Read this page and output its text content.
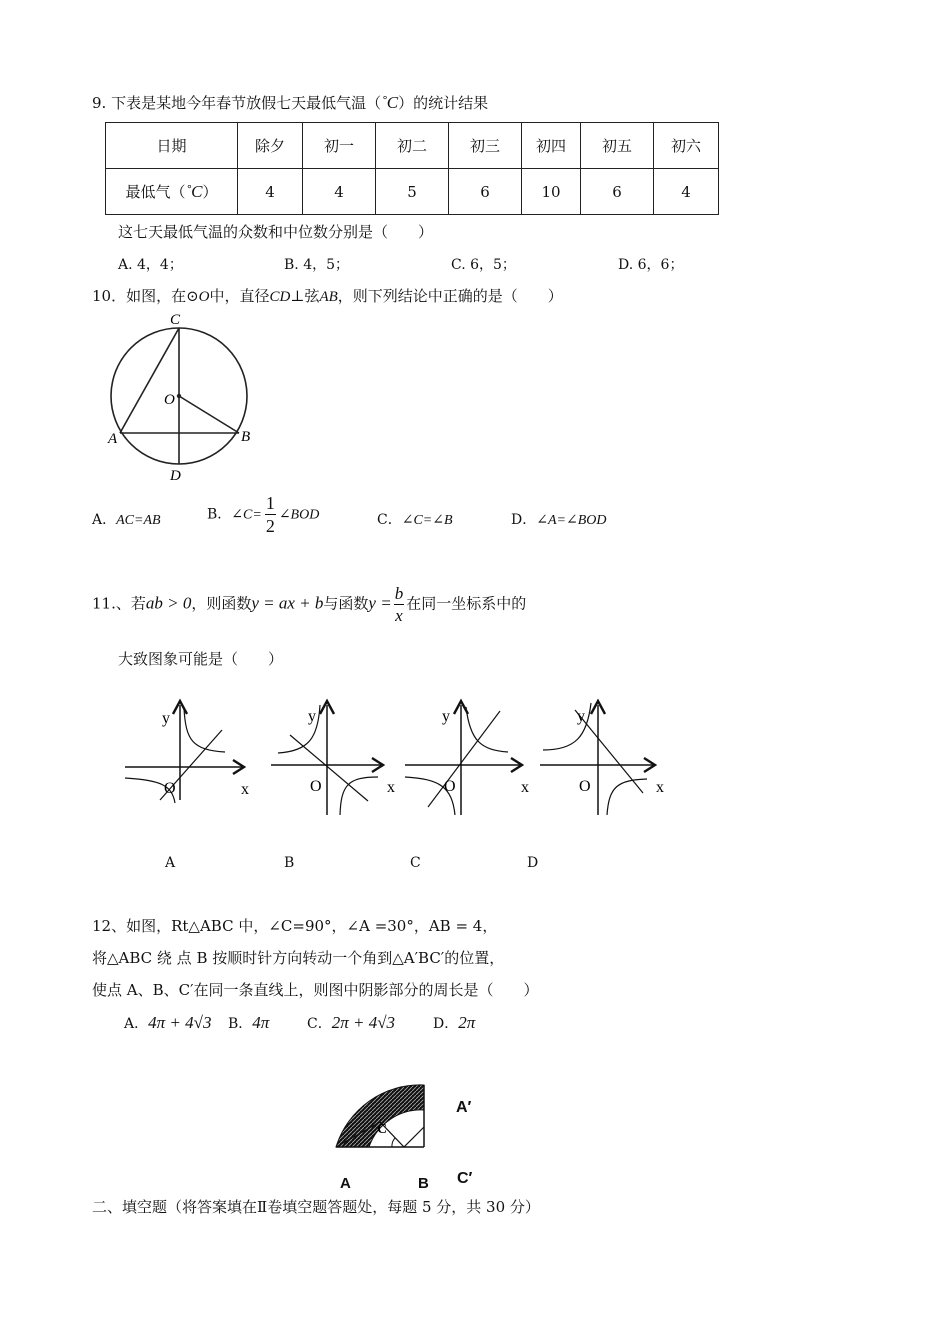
9. 下表是某地今年春节放假七天最低气温（˚C）的统计结果
日期	除夕	初一	初二	初三	初四	初五	初六
最低气（˚C）	4	4	5	6	10	6	4
这七天最低气温的众数和中位数分别是（　　）
A. 4，4；	B. 4，5；	C. 6，5；	D. 6，6；
10．如图，在⊙O中，直径CD⊥弦AB，则下列结论中正确的是（　　）
C
O
A	B
D
A．AC=AB	B．∠C= $\frac{1}{2}$ ∠BOD	C．∠C=∠B	D．∠A=∠BOD
11.、若ab > 0，则函数y = ax + b与函数$y = \frac{b}{x}$ 在同一坐标系中的
大致图象可能是（　　）
y
O	x
y
O	x
y
O	x
y
O	x
A	B	C	D
12、如图，Rt△ABC 中，∠C=90°，∠A =30°，AB = 4，
将△ABC 绕 点 B 按顺时针方向转动一个角到△A′BC′的位置，
使点 A、B、C′在同一条直线上，则图中阴影部分的周长是（　　）
A．4π + 4√3 B．4π	C．2π + 4√3	D．2π
C
A′
A	B C′
二、填空题（将答案填在Ⅱ卷填空题答题处，每题 5 分，共 30 分）
